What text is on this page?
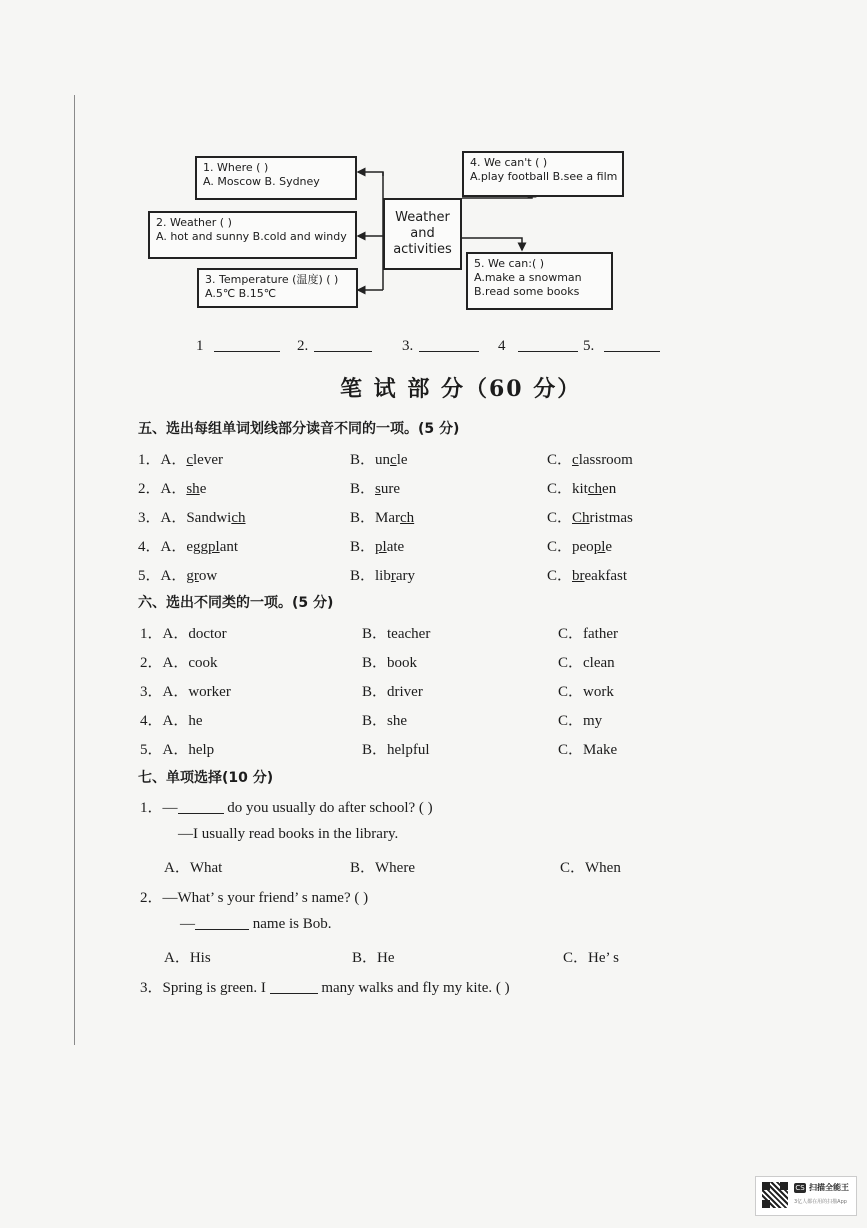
1. Where ( )
A. Moscow B. Sydney
2. Weather ( )
A. hot and sunny B.cold and windy
3. Temperature (温度) ( )
A.5℃ B.15℃
Weather
and
activities
4. We can't ( )
A.play football B.see a film
5. We can:( )
A.make a snowman
B.read some books
1	2.	3.	4	5.
笔 试 部 分（60 分）
五、选出每组单词划线部分读音不同的一项。(5 分)
1．A．clever	B．uncle	C．classroom
2．A．she	B．sure	C．kitchen
3．A．Sandwich	B．March	C．Christmas
4．A．eggplant	B．plate	C．people
5．A．grow	B．library	C．breakfast
六、选出不同类的一项。(5 分)
1．A．doctor	B．teacher	C．father
2．A．cook	B．book	C．clean
3．A．worker	B．driver	C．work
4．A．he	B．she	C．my
5．A．help	B．helpful	C．Make
七、单项选择(10 分)
1．—	do you usually do after school? ( )
—I usually read books in the library.
A．What	B．Where	C．When
2．—What’ s your friend’ s name? ( )
—	name is Bob.
A．His	B．He	C．He’ s
3．Spring is green. I	many walks and fly my kite. ( )
CS 扫描全能王
3亿人都在用的扫描App
